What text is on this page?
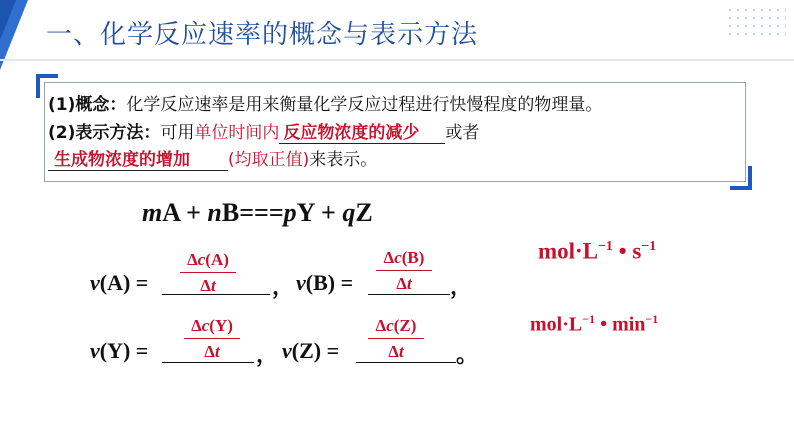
一、化学反应速率的概念与表示方法
(1)概念：化学反应速率是用来衡量化学反应过程进行快慢程度的物理量。
(2)表示方法：可用单位时间内 反应物浓度的减少 或者
生成物浓度的增加 (均取正值)来表示。
mA + nB===pY + qZ
v(A) =
Δc(A)
Δt	， v(B) =
Δc(B)
Δt	，
v(Y) =
Δc(Y)
Δt	， v(Z) =
Δc(Z)
Δt	。
$mol\cdot L^{-1}$ • $s^{-1}$
$mol\cdot L^{-1}$ • $\min^{-1}$
